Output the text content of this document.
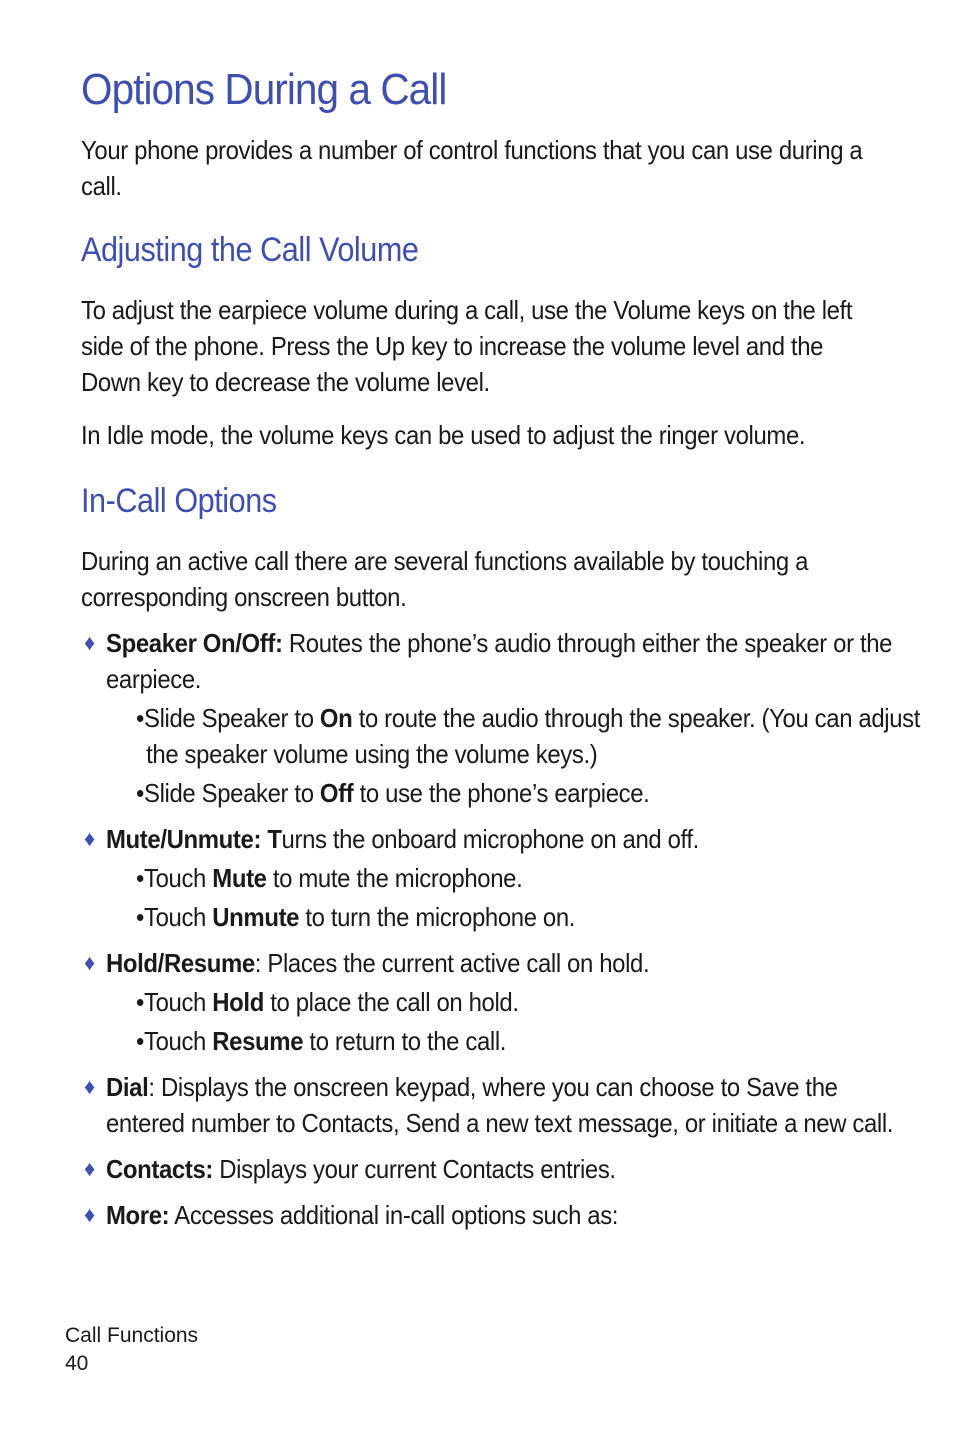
Options During a Call

Your phone provides a number of control functions that you can use during a call.

Adjusting the Call Volume

To adjust the earpiece volume during a call, use the Volume keys on the left side of the phone. Press the Up key to increase the volume level and the Down key to decrease the volume level.

In Idle mode, the volume keys can be used to adjust the ringer volume.

In-Call Options

During an active call there are several functions available by touching a corresponding onscreen button.

♦ Speaker On/Off: Routes the phone’s audio through either the speaker or the earpiece.

•Slide Speaker to On to route the audio through the speaker. (You can adjust the speaker volume using the volume keys.)

•Slide Speaker to Off to use the phone’s earpiece.

♦ Mute/Unmute: Turns the onboard microphone on and off.

•Touch Mute to mute the microphone.

•Touch Unmute to turn the microphone on.

♦ Hold/Resume: Places the current active call on hold.

•Touch Hold to place the call on hold.

•Touch Resume to return to the call.

♦ Dial: Displays the onscreen keypad, where you can choose to Save the entered number to Contacts, Send a new text message, or initiate a new call.

♦ Contacts: Displays your current Contacts entries.

♦ More: Accesses additional in-call options such as:

Call Functions
40
